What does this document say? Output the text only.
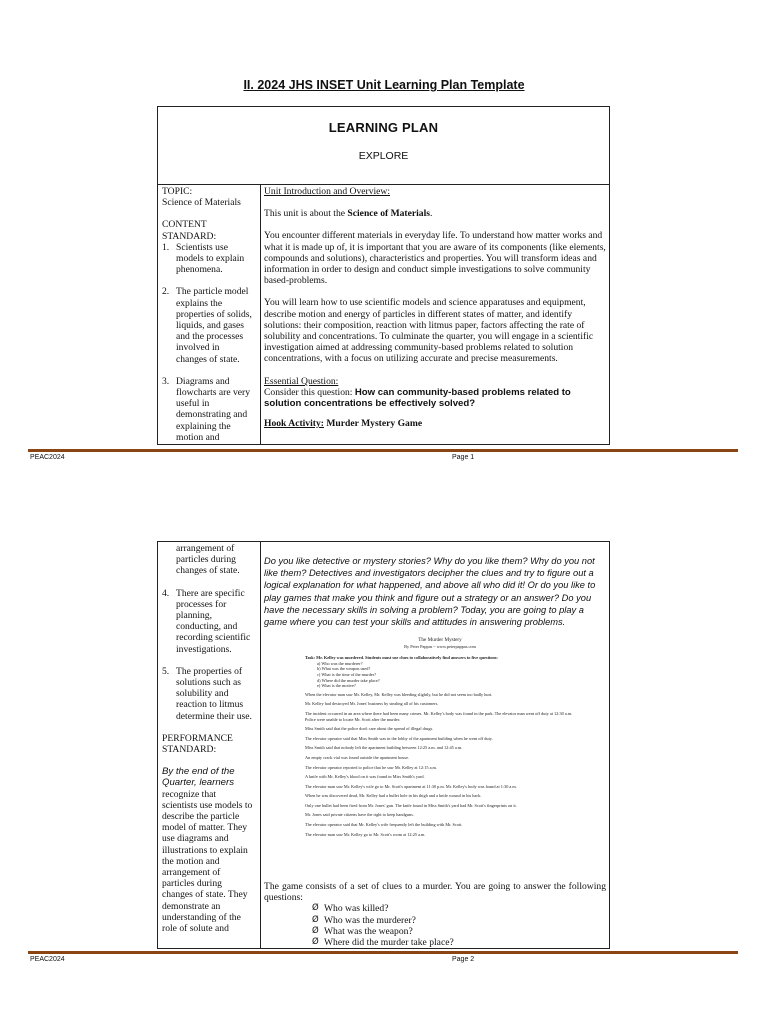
II. 2024 JHS INSET Unit Learning Plan Template
LEARNING PLAN
EXPLORE

TOPIC:

Science of Materials

CONTENT

STANDARD:

1. Scientists use
models to explain
phenomena.
2. The particle model
explains the
properties of solids,
liquids, and gases
and the processes
involved in
changes of state.
3. Diagrams and
flowcharts are very
useful in
demonstrating and
explaining the
motion and

Unit Introduction and Overview:

This unit is about the Science of Materials.

You encounter different materials in everyday life. To understand how matter works and what it is made up of, it is important that you are aware of its components (like elements, compounds and solutions), characteristics and properties. You will transform ideas and information in order to design and conduct simple investigations to solve community based-problems.

You will learn how to use scientific models and science apparatuses and equipment, describe motion and energy of particles in different states of matter, and identify solutions: their composition, reaction with litmus paper, factors affecting the rate of solubility and concentrations. To culminate the quarter, you will engage in a scientific investigation aimed at addressing community-based problems related to solution concentrations, with a focus on utilizing accurate and precise measurements.

Essential Question:

Consider this question: How can community-based problems related to solution concentrations be effectively solved?

Hook Activity: Murder Mystery Game

PEAC2024	Page 1
arrangement of
particles during
changes of state.
4. There are specific
processes for
planning,
conducting, and
recording scientific
investigations.
5. The properties of
solutions such as
solubility and
reaction to litmus
determine their use.

PERFORMANCE

STANDARD:

By the end of the

Quarter, learners

recognize that
scientists use models to
describe the particle
model of matter. They
use diagrams and
illustrations to explain
the motion and
arrangement of
particles during
changes of state. They
demonstrate an
understanding of the
role of solute and

Do you like detective or mystery stories? Why do you like them? Why do you not like them? Detectives and investigators decipher the clues and try to figure out a logical explanation for what happened, and above all who did it! Or do you like to play games that make you think and figure out a strategy or an answer? Do you have the necessary skills in solving a problem? Today, you are going to play a game where you can test your skills and attitudes in answering problems.

The game consists of a set of clues to a murder. You are going to answer the following questions:

Ø Who was killed?
Ø Who was the murderer?
Ø What was the weapon?
Ø Where did the murder take place?
The Murder Mystery
By Peter Pappas ~ www.peterpappas.com
Task: Mr. Kelley was murdered. Students must use clues to collaboratively find answers to five questions:
a) Who was the murderer?
b) What was the weapon used?
c) What is the time of the murder?
d) Where did the murder take place?
e) What is the motive?
When the elevator man saw Mr. Kelley, Mr. Kelley was bleeding slightly, but he did not seem too badly hurt.
Mr. Kelley had destroyed Mr. Jones' business by stealing all of his customers.
The incident occurred in an area where there had been many crimes. Mr. Kelley's body was found in the park. The elevator man went off duty at 12:30 a.m. Police were unable to locate Mr. Scott after the murder.
Miss Smith said that the police don't care about the spread of illegal drugs.
The elevator operator said that Miss Smith was in the lobby of the apartment building when he went off duty.
Miss Smith said that nobody left the apartment building between 12:25 a.m. and 12:45 a.m.
An empty crack vial was found outside the apartment house.
The elevator operator reported to police that he saw Mr. Kelley at 12:15 a.m.
A knife with Mr. Kelley's blood on it was found in Miss Smith's yard.
The elevator man saw Mr. Kelley's wife go to Mr. Scott's apartment at 11:30 p.m. Mr. Kelley's body was found at 1:30 a.m.
When he was discovered dead, Mr. Kelley had a bullet hole in his thigh and a knife wound in his back.
Only one bullet had been fired from Mr. Jones' gun. The knife found in Miss Smith's yard had Mr. Scott's fingerprints on it.
Mr. Jones said private citizens have the right to keep handguns.
The elevator operator said that Mr. Kelley's wife frequently left the building with Mr. Scott.
The elevator man saw Mr. Kelley go to Mr. Scott's room at 12:25 a.m.
PEAC2024	Page 2
